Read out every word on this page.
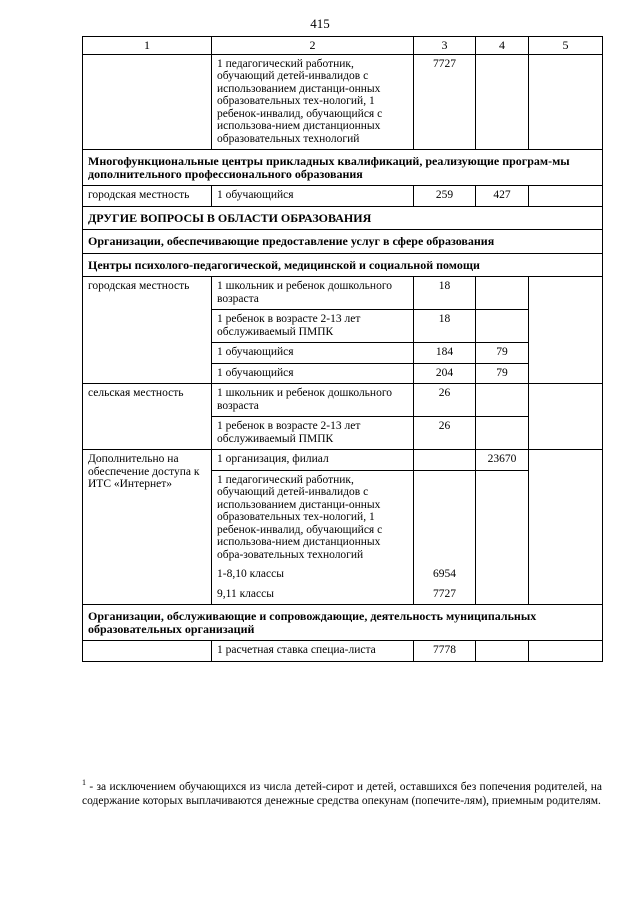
415
1	2	3	4	5
	1 педагогический работник, обучающий детей-инвалидов с использованием дистанци-онных образовательных тех-нологий, 1 ребенок-инвалид, обучающийся с использова-нием дистанционных образовательных технологий	7727		
Многофункциональные центры прикладных квалификаций, реализующие програм-мы дополнительного профессионального образования				
городская местность	1 обучающийся	259	427	
ДРУГИЕ ВОПРОСЫ В ОБЛАСТИ ОБРАЗОВАНИЯ				
Организации, обеспечивающие предоставление услуг в сфере образования				
Центры психолого-педагогической, медицинской и социальной помощи				
городская местность	1 школьник и ребенок дошкольного возраста	18		
	1 ребенок в возрасте 2-13 лет обслуживаемый ПМПК	18		
	1 обучающийся	184	79	
	1 обучающийся	204	79	
сельская местность	1 школьник и ребенок дошкольного возраста	26		
	1 ребенок в возрасте 2-13 лет обслуживаемый ПМПК	26		
Дополнительно на обеспечение доступа к ИТС «Интернет»	1 организация, филиал		23670	
	1 педагогический работник, обучающий детей-инвалидов с использованием дистанци-онных образовательных тех-нологий, 1 ребенок-инвалид, обучающийся с использова-нием дистанционных обра-зовательных технологий			
	1-8,10 классы	6954		
	9,11 классы	7727		
Организации, обслуживающие и сопровождающие, деятельность муниципальных образовательных организаций				
	1 расчетная ставка специа-листа	7778		
$^1$ - за исключением обучающихся из числа детей-сирот и детей, оставшихся без попечения родителей, на содержание которых выплачиваются денежные средства опекунам (попечите-лям), приемным родителям.
